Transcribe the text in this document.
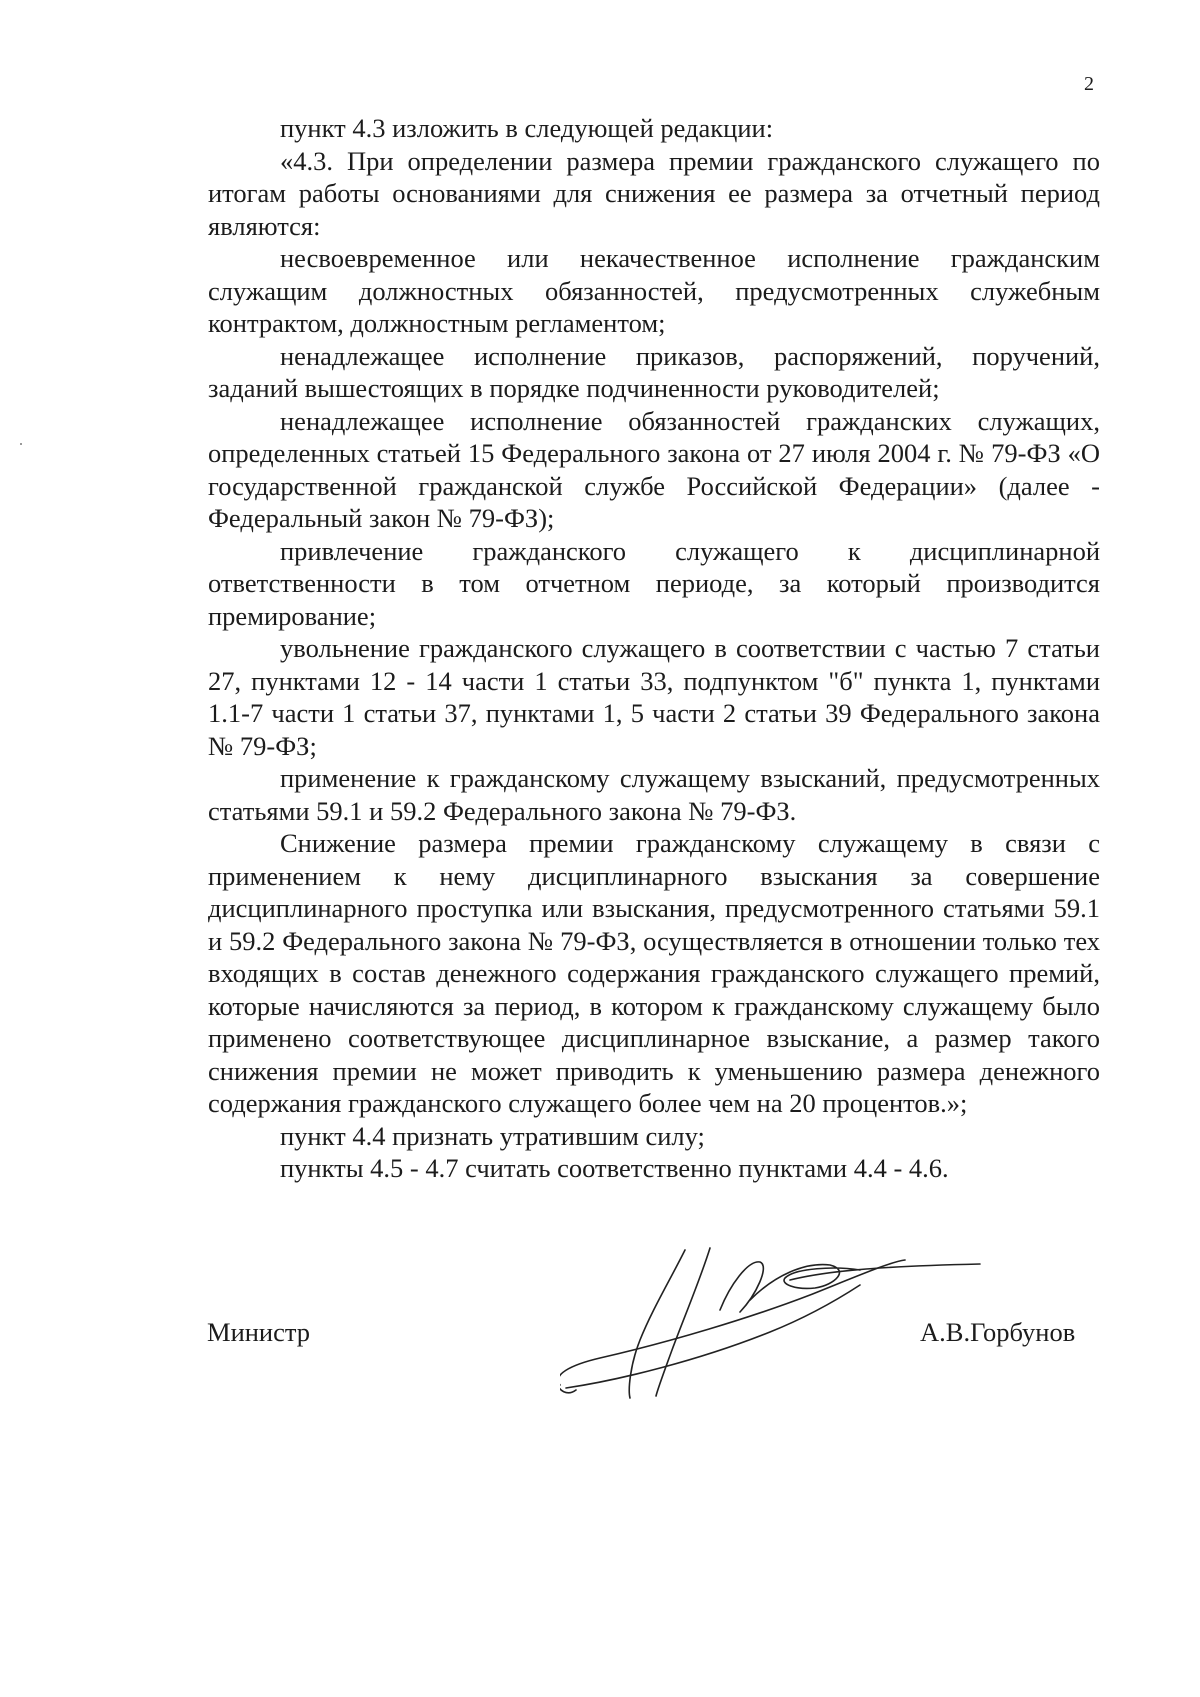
2

пункт 4.3 изложить в следующей редакции:

«4.3. При определении размера премии гражданского служащего по итогам работы основаниями для снижения ее размера за отчетный период являются:

несвоевременное или некачественное исполнение гражданским служащим должностных обязанностей, предусмотренных служебным контрактом, должностным регламентом;

ненадлежащее исполнение приказов, распоряжений, поручений, заданий вышестоящих в порядке подчиненности руководителей;

ненадлежащее исполнение обязанностей гражданских служащих, определенных статьей 15 Федерального закона от 27 июля 2004 г. № 79-ФЗ «О государственной гражданской службе Российской Федерации» (далее - Федеральный закон № 79-ФЗ);

привлечение гражданского служащего к дисциплинарной ответственности в том отчетном периоде, за который производится премирование;

увольнение гражданского служащего в соответствии с частью 7 статьи 27, пунктами 12 - 14 части 1 статьи 33, подпунктом "б" пункта 1, пунктами 1.1-7 части 1 статьи 37, пунктами 1, 5 части 2 статьи 39 Федерального закона № 79-ФЗ;

применение к гражданскому служащему взысканий, предусмотренных статьями 59.1 и 59.2 Федерального закона № 79-ФЗ.

Снижение размера премии гражданскому служащему в связи с применением к нему дисциплинарного взыскания за совершение дисциплинарного проступка или взыскания, предусмотренного статьями 59.1 и 59.2 Федерального закона № 79-ФЗ, осуществляется в отношении только тех входящих в состав денежного содержания гражданского служащего премий, которые начисляются за период, в котором к гражданскому служащему было применено соответствующее дисциплинарное взыскание, а размер такого снижения премии не может приводить к уменьшению размера денежного содержания гражданского служащего более чем на 20 процентов.»;

пункт 4.4 признать утратившим силу;

пункты 4.5 - 4.7 считать соответственно пунктами 4.4 - 4.6.

Министр	А.В.Горбунов
